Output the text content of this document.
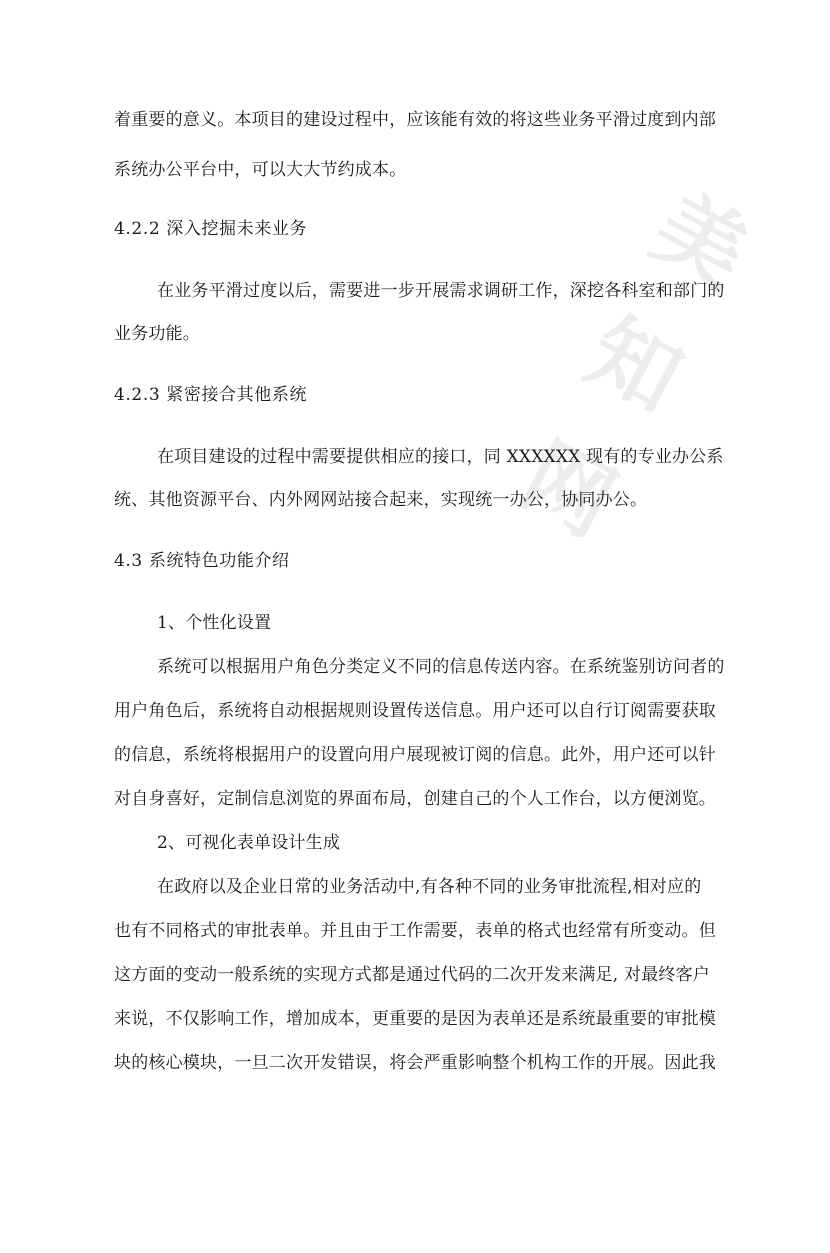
美
知
网
着重要的意义。本项目的建设过程中，应该能有效的将这些业务平滑过度到内部
系统办公平台中，可以大大节约成本。
4.2.2 深入挖掘未来业务
在业务平滑过度以后，需要进一步开展需求调研工作，深挖各科室和部门的
业务功能。
4.2.3 紧密接合其他系统
在项目建设的过程中需要提供相应的接口，同 XXXXXX 现有的专业办公系
统、其他资源平台、内外网网站接合起来，实现统一办公，协同办公。
4.3 系统特色功能介绍
1、个性化设置
系统可以根据用户角色分类定义不同的信息传送内容。在系统鉴别访问者的
用户角色后，系统将自动根据规则设置传送信息。用户还可以自行订阅需要获取
的信息，系统将根据用户的设置向用户展现被订阅的信息。此外，用户还可以针
对自身喜好，定制信息浏览的界面布局，创建自己的个人工作台，以方便浏览。
2、可视化表单设计生成
在政府以及企业日常的业务活动中,有各种不同的业务审批流程,相对应的
也有不同格式的审批表单。并且由于工作需要，表单的格式也经常有所变动。但
这方面的变动一般系统的实现方式都是通过代码的二次开发来满足, 对最终客户
来说，不仅影响工作，增加成本，更重要的是因为表单还是系统最重要的审批模
块的核心模块，一旦二次开发错误，将会严重影响整个机构工作的开展。因此我
